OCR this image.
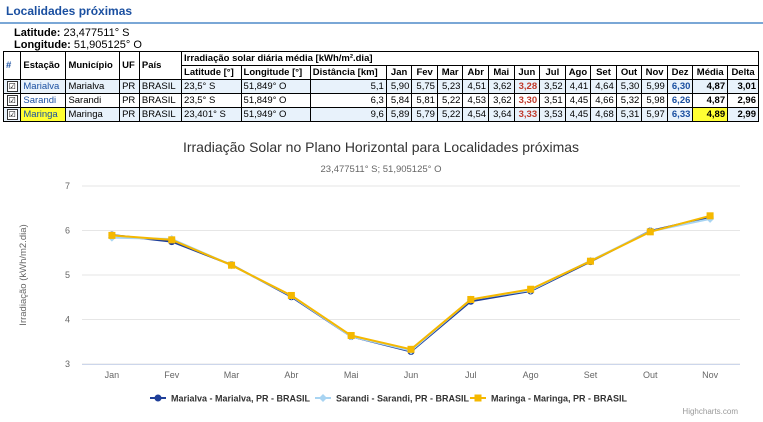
Localidades próximas
Latitude: 23,477511° S
Longitude: 51,905125° O
#	Estação	Município	UF	País	Irradiação solar diária média [kWh/m².dia]																
					Latitude [°]	Longitude [°]	Distância [km]	Jan	Fev	Mar	Abr	Mai	Jun	Jul	Ago	Set	Out	Nov	Dez	Média	Delta
☑	Marialva	Marialva	PR	BRASIL	23,5° S	51,849° O	5,1	5,90	5,75	5,23	4,51	3,62	3,28	3,52	4,41	4,64	5,30	5,99	6,30	4,87	3,01
☑	Sarandi	Sarandi	PR	BRASIL	23,5° S	51,849° O	6,3	5,84	5,81	5,22	4,53	3,62	3,30	3,51	4,45	4,66	5,32	5,98	6,26	4,87	2,96
☑	Maringa	Maringa	PR	BRASIL	23,401° S	51,949° O	9,6	5,89	5,79	5,22	4,54	3,64	3,33	3,53	4,45	4,68	5,31	5,97	6,33	4,89	2,99
Irradiação Solar no Plano Horizontal para Localidades próximas
23,477511° S; 51,905125° O
3
4
5
6
7
Jan	Fev	Mar	Abr	Mai	Jun	Jul	Ago	Set	Out	Nov
Irradiação (kWh/m2.dia)
Marialva - Marialva, PR - BRASIL	Sarandi - Sarandi, PR - BRASIL Maringa - Maringa, PR - BRASIL
Highcharts.com
